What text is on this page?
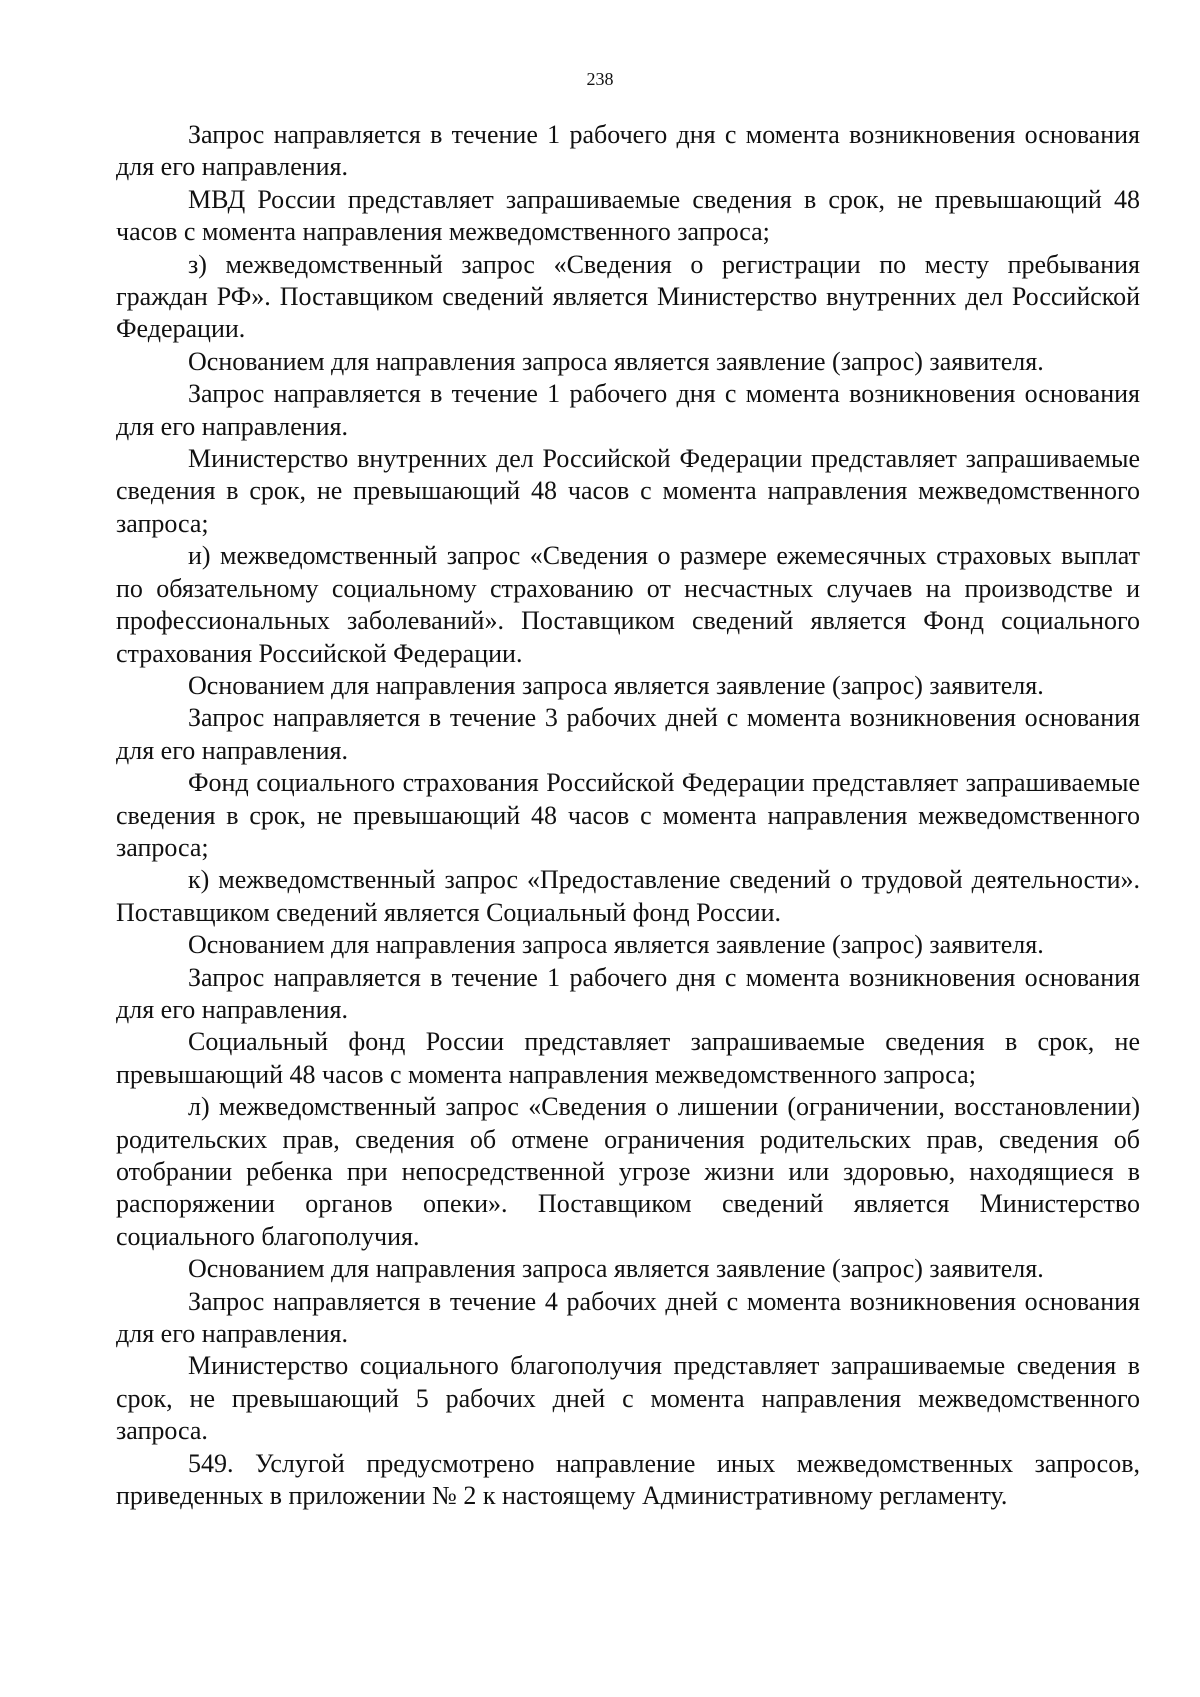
238

Запрос направляется в течение 1 рабочего дня с момента возникновения основания для его направления.

МВД России представляет запрашиваемые сведения в срок, не превышающий 48 часов с момента направления межведомственного запроса;

з) межведомственный запрос «Сведения о регистрации по месту пребывания граждан РФ». Поставщиком сведений является Министерство внутренних дел Российской Федерации.

Основанием для направления запроса является заявление (запрос) заявителя.

Запрос направляется в течение 1 рабочего дня с момента возникновения основания для его направления.

Министерство внутренних дел Российской Федерации представляет запрашиваемые сведения в срок, не превышающий 48 часов с момента направления межведомственного запроса;

и) межведомственный запрос «Сведения о размере ежемесячных страховых выплат по обязательному социальному страхованию от несчастных случаев на производстве и профессиональных заболеваний». Поставщиком сведений является Фонд социального страхования Российской Федерации.

Основанием для направления запроса является заявление (запрос) заявителя.

Запрос направляется в течение 3 рабочих дней с момента возникновения основания для его направления.

Фонд социального страхования Российской Федерации представляет запрашиваемые сведения в срок, не превышающий 48 часов с момента направления межведомственного запроса;

к) межведомственный запрос «Предоставление сведений о трудовой деятельности». Поставщиком сведений является Социальный фонд России.

Основанием для направления запроса является заявление (запрос) заявителя.

Запрос направляется в течение 1 рабочего дня с момента возникновения основания для его направления.

Социальный фонд России представляет запрашиваемые сведения в срок, не превышающий 48 часов с момента направления межведомственного запроса;

л) межведомственный запрос «Сведения о лишении (ограничении, восстановлении) родительских прав, сведения об отмене ограничения родительских прав, сведения об отобрании ребенка при непосредственной угрозе жизни или здоровью, находящиеся в распоряжении органов опеки». Поставщиком сведений является Министерство социального благополучия.

Основанием для направления запроса является заявление (запрос) заявителя.

Запрос направляется в течение 4 рабочих дней с момента возникновения основания для его направления.

Министерство социального благополучия представляет запрашиваемые сведения в срок, не превышающий 5 рабочих дней с момента направления межведомственного запроса.

549. Услугой предусмотрено направление иных межведомственных запросов, приведенных в приложении № 2 к настоящему Административному регламенту.
